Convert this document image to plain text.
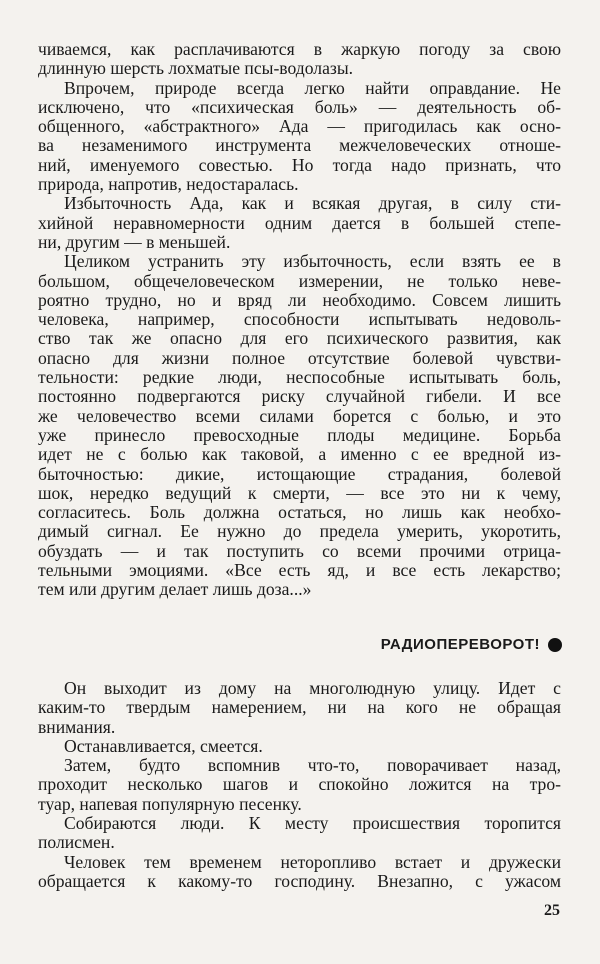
чиваемся, как расплачиваются в жаркую погоду за свою
длинную шерсть лохматые псы-водолазы.
Впрочем, природе всегда легко найти оправдание. Не
исключено, что «психическая боль» — деятельность об-
общенного, «абстрактного» Ада — пригодилась как осно-
ва незаменимого инструмента межчеловеческих отноше-
ний, именуемого совестью. Но тогда надо признать, что
природа, напротив, недостаралась.
Избыточность Ада, как и всякая другая, в силу сти-
хийной неравномерности одним дается в большей степе-
ни, другим — в меньшей.
Целиком устранить эту избыточность, если взять ее в
большом, общечеловеческом измерении, не только неве-
роятно трудно, но и вряд ли необходимо. Совсем лишить
человека, например, способности испытывать недоволь-
ство так же опасно для его психического развития, как
опасно для жизни полное отсутствие болевой чувстви-
тельности: редкие люди, неспособные испытывать боль,
постоянно подвергаются риску случайной гибели. И все
же человечество всеми силами борется с болью, и это
уже принесло превосходные плоды медицине. Борьба
идет не с болью как таковой, а именно с ее вредной из-
быточностью: дикие, истощающие страдания, болевой
шок, нередко ведущий к смерти, — все это ни к чему,
согласитесь. Боль должна остаться, но лишь как необхо-
димый сигнал. Ее нужно до предела умерить, укоротить,
обуздать — и так поступить со всеми прочими отрица-
тельными эмоциями. «Все есть яд, и все есть лекарство;
тем или другим делает лишь доза...»
РАДИОПЕРЕВОРОТ!
Он выходит из дому на многолюдную улицу. Идет с
каким-то твердым намерением, ни на кого не обращая
внимания.
Останавливается, смеется.
Затем, будто вспомнив что-то, поворачивает назад,
проходит несколько шагов и спокойно ложится на тро-
туар, напевая популярную песенку.
Собираются люди. К месту происшествия торопится
полисмен.
Человек тем временем неторопливо встает и дружески
обращается к какому-то господину. Внезапно, с ужасом
25
